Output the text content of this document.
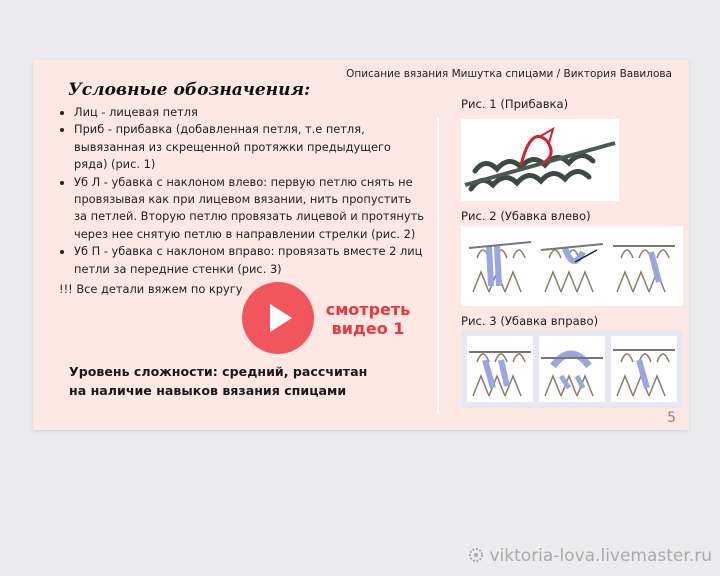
Описание вязания Мишутка спицами / Виктория Вавилова
Условные обозначения:
• Лиц - лицевая петля
• Приб - прибавка (добавленная петля, т.е петля, вывязанная из скрещенной протяжки предыдущего ряда) (рис. 1)
• Уб Л - убавка с наклоном влево: первую петлю снять не провязывая как при лицевом вязании, нить пропустить за петлей. Вторую петлю провязать лицевой и протянуть через нее снятую петлю в направлении стрелки (рис. 2)
• Уб П - убавка с наклоном вправо: провязать вместе 2 лиц петли за передние стенки (рис. 3)
!!! Все детали вяжем по кругу
смотреть
видео 1
Уровень сложности: средний, рассчитан
на наличие навыков вязания спицами
Рис. 1 (Прибавка)
Рис. 2 (Убавка влево)
Рис. 3 (Убавка вправо)
5
viktoria-lova.livemaster.ru
